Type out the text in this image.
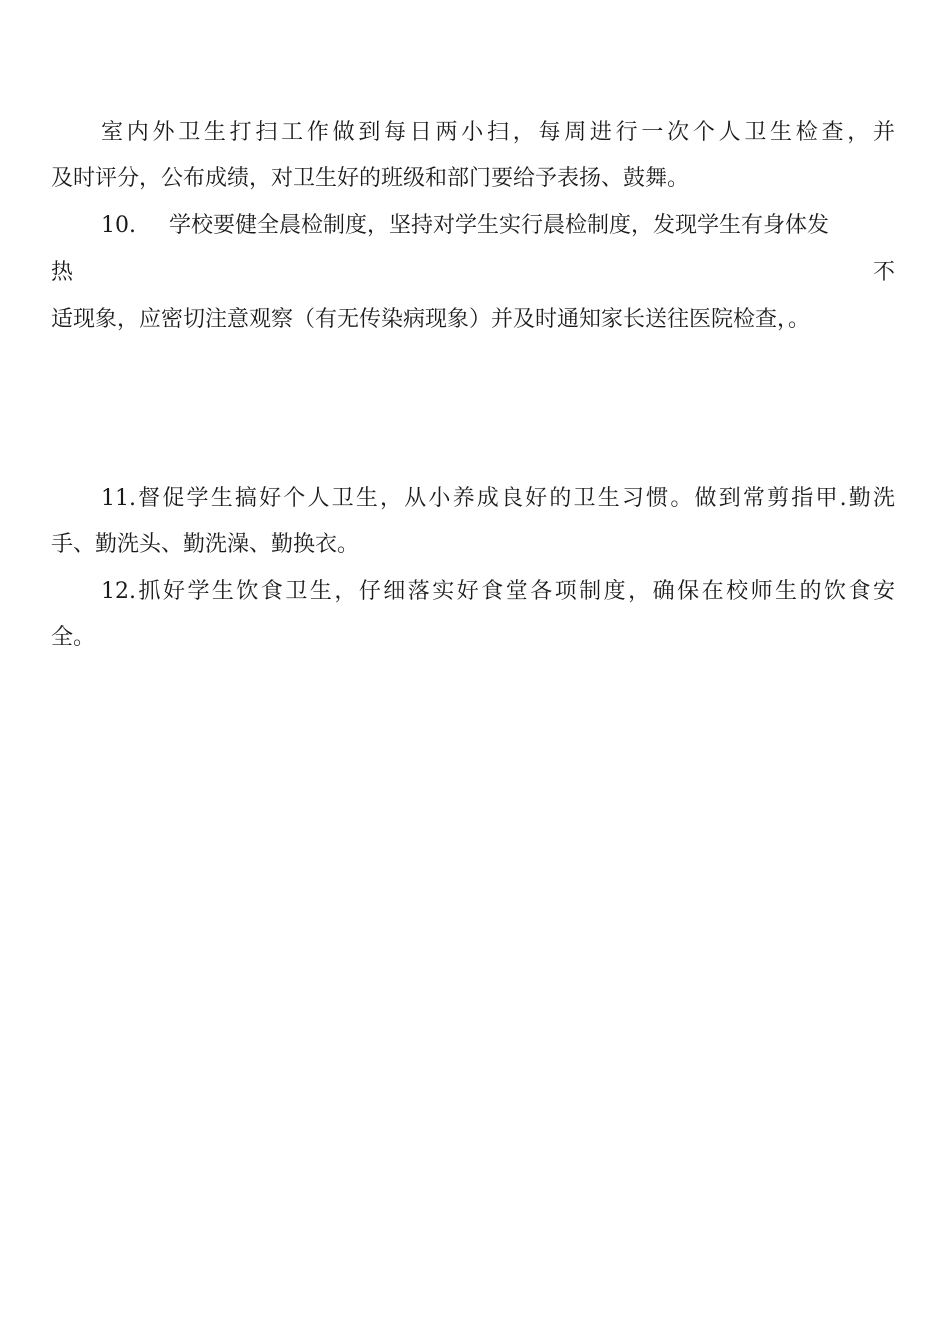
室内外卫生打扫工作做到每日两小扫，每周进行一次个人卫生检查，并
及时评分，公布成绩，对卫生好的班级和部门要给予表扬、鼓舞。
10. 学校要健全晨检制度，坚持对学生实行晨检制度，发现学生有身体发
热	不
适现象，应密切注意观察（有无传染病现象）并及时通知家长送往医院检查，。
11.督促学生搞好个人卫生，从小养成良好的卫生习惯。做到常剪指甲.勤洗
手、勤洗头、勤洗澡、勤换衣。
12.抓好学生饮食卫生，仔细落实好食堂各项制度，确保在校师生的饮食安
全。
